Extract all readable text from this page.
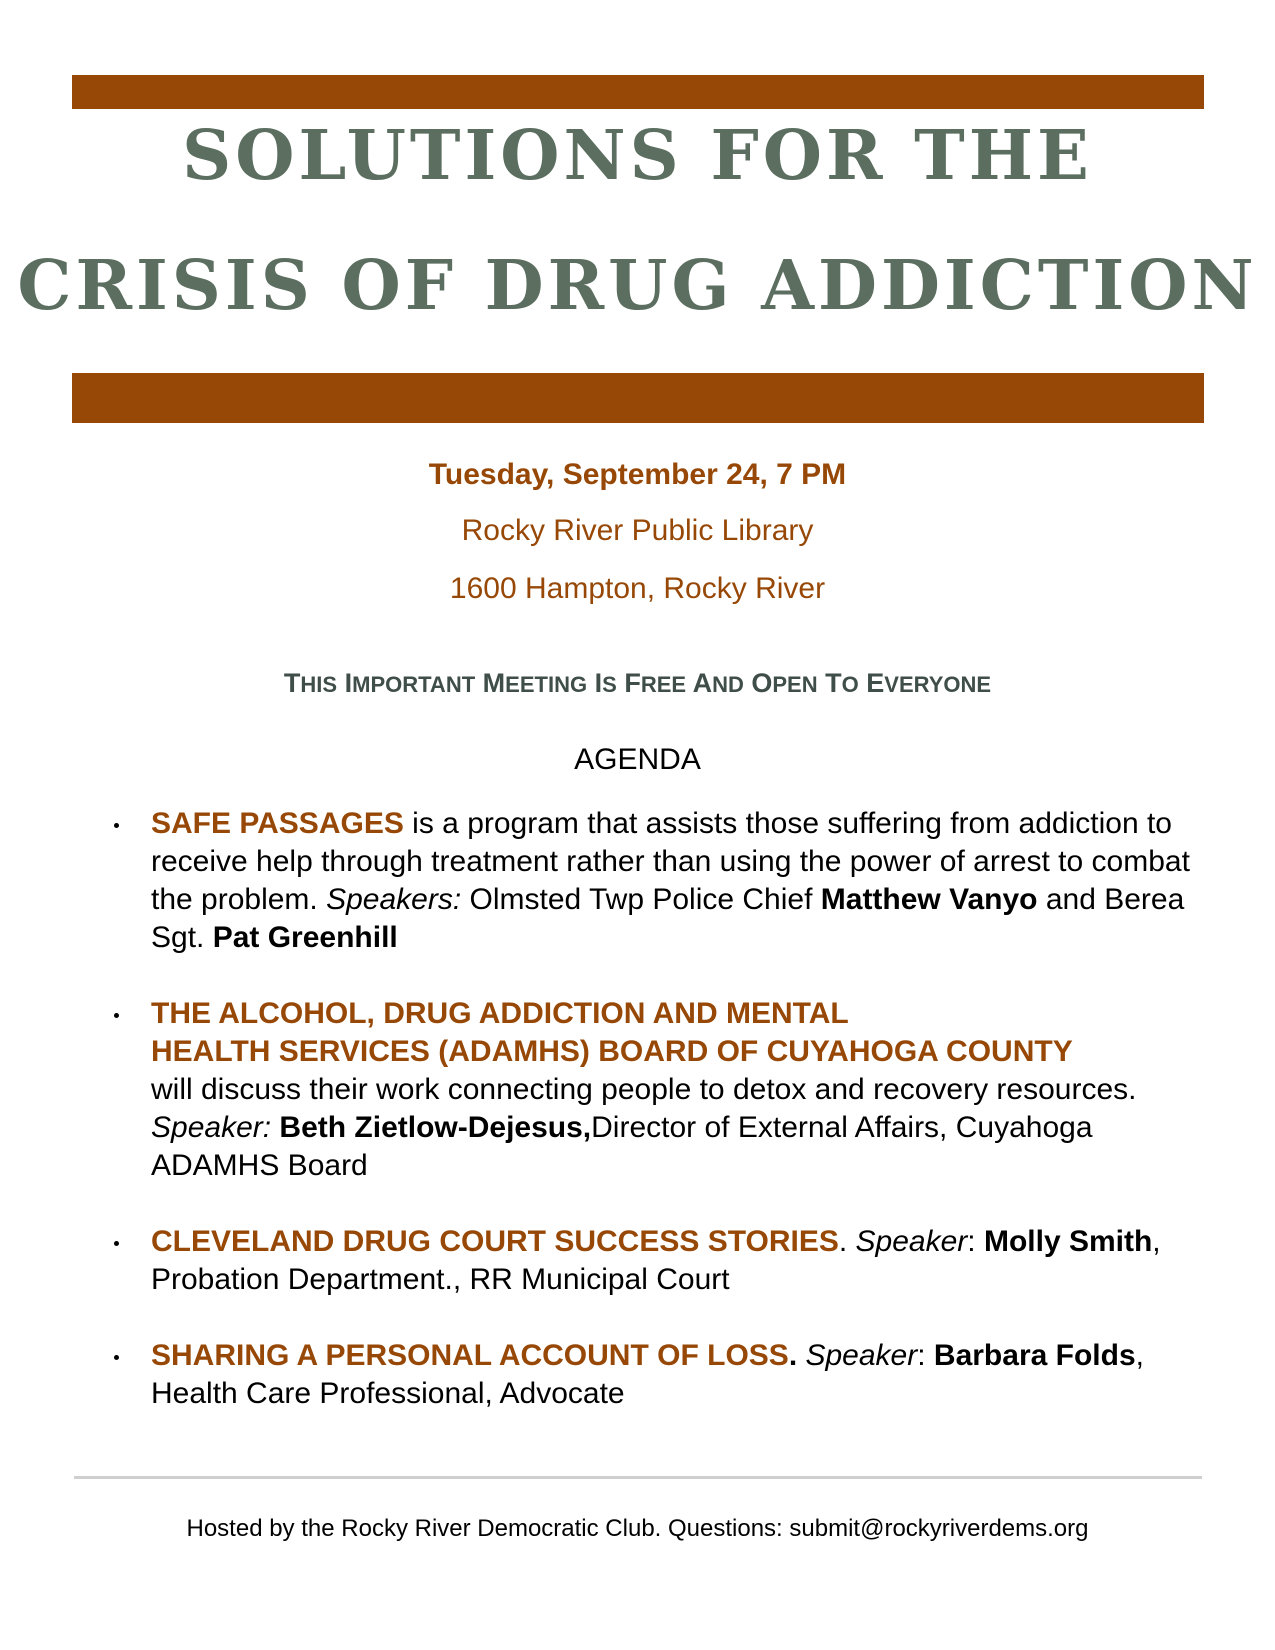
SOLUTIONS FOR THE
CRISIS OF DRUG ADDICTION
Tuesday, September 24, 7 PM
Rocky River Public Library
1600 Hampton, Rocky River
THIS IMPORTANT MEETING IS FREE AND OPEN TO EVERYONE
AGENDA
SAFE PASSAGES is a program that assists those suffering from addiction to receive help through treatment rather than using the power of arrest to combat the problem. Speakers: Olmsted Twp Police Chief Matthew Vanyo and Berea Sgt. Pat Greenhill
THE ALCOHOL, DRUG ADDICTION AND MENTAL
HEALTH SERVICES (ADAMHS) BOARD OF CUYAHOGA COUNTY
will discuss their work connecting people to detox and recovery resources. Speaker: Beth Zietlow-Dejesus,Director of External Affairs, Cuyahoga ADAMHS Board
CLEVELAND DRUG COURT SUCCESS STORIES. Speaker: Molly Smith, Probation Department., RR Municipal Court
SHARING A PERSONAL ACCOUNT OF LOSS. Speaker: Barbara Folds, Health Care Professional, Advocate
Hosted by the Rocky River Democratic Club. Questions: submit@rockyriverdems.org
